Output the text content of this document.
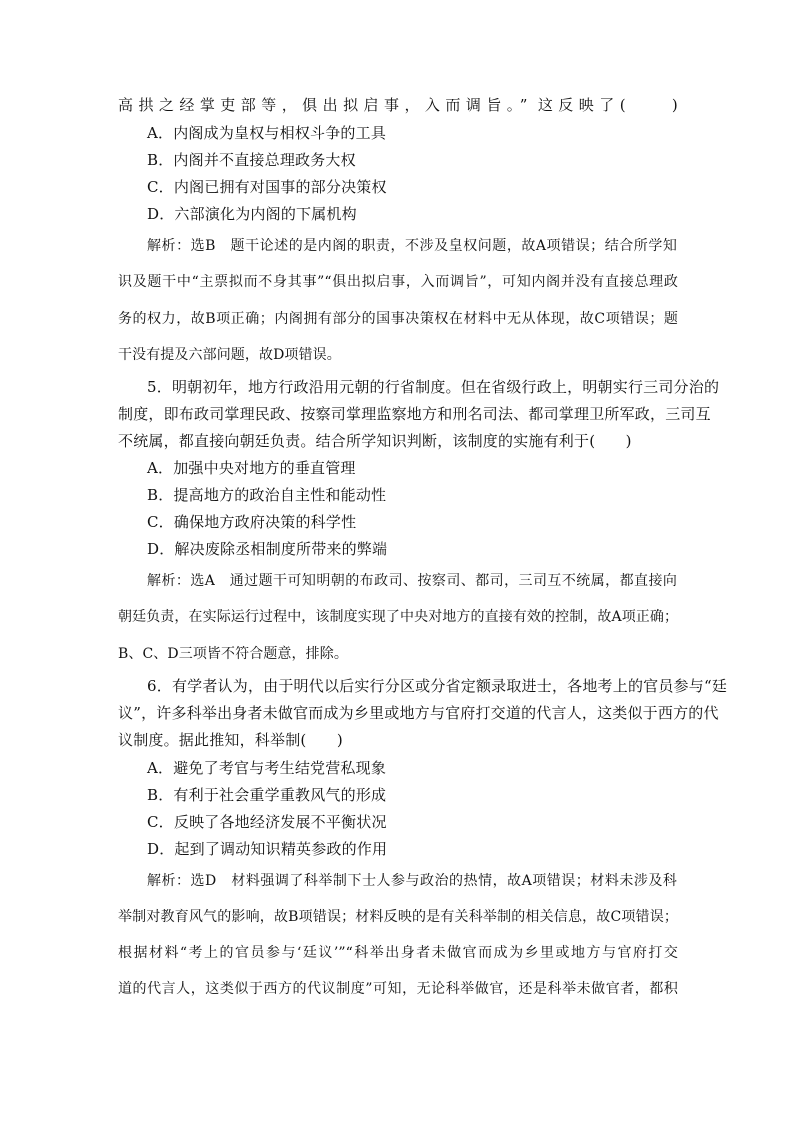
高拱之经掌吏部等，俱出拟启事，入而调旨。” 这反映了(　　)
A．内阁成为皇权与相权斗争的工具
B．内阁并不直接总理政务大权
C．内阁已拥有对国事的部分决策权
D．六部演化为内阁的下属机构
解析：选B　题干论述的是内阁的职责，不涉及皇权问题，故A项错误；结合所学知
识及题干中“主票拟而不身其事”“俱出拟启事，入而调旨”，可知内阁并没有直接总理政
务的权力，故B项正确；内阁拥有部分的国事决策权在材料中无从体现，故C项错误；题
干没有提及六部问题，故D项错误。
5．明朝初年，地方行政沿用元朝的行省制度。但在省级行政上，明朝实行三司分治的
制度，即布政司掌理民政、按察司掌理监察地方和刑名司法、都司掌理卫所军政，三司互
不统属，都直接向朝廷负责。结合所学知识判断，该制度的实施有利于(　　)
A．加强中央对地方的垂直管理
B．提高地方的政治自主性和能动性
C．确保地方政府决策的科学性
D．解决废除丞相制度所带来的弊端
解析：选A　通过题干可知明朝的布政司、按察司、都司，三司互不统属，都直接向
朝廷负责，在实际运行过程中，该制度实现了中央对地方的直接有效的控制，故A项正确；
B、C、D三项皆不符合题意，排除。
6．有学者认为，由于明代以后实行分区或分省定额录取进士，各地考上的官员参与“廷
议”，许多科举出身者未做官而成为乡里或地方与官府打交道的代言人，这类似于西方的代
议制度。据此推知，科举制(　　)
A．避免了考官与考生结党营私现象
B．有利于社会重学重教风气的形成
C．反映了各地经济发展不平衡状况
D．起到了调动知识精英参政的作用
解析：选D　材料强调了科举制下士人参与政治的热情，故A项错误；材料未涉及科
举制对教育风气的影响，故B项错误；材料反映的是有关科举制的相关信息，故C项错误；
根据材料“考上的官员参与‘廷议’”“科举出身者未做官而成为乡里或地方与官府打交
道的代言人，这类似于西方的代议制度”可知，无论科举做官，还是科举未做官者，都积
